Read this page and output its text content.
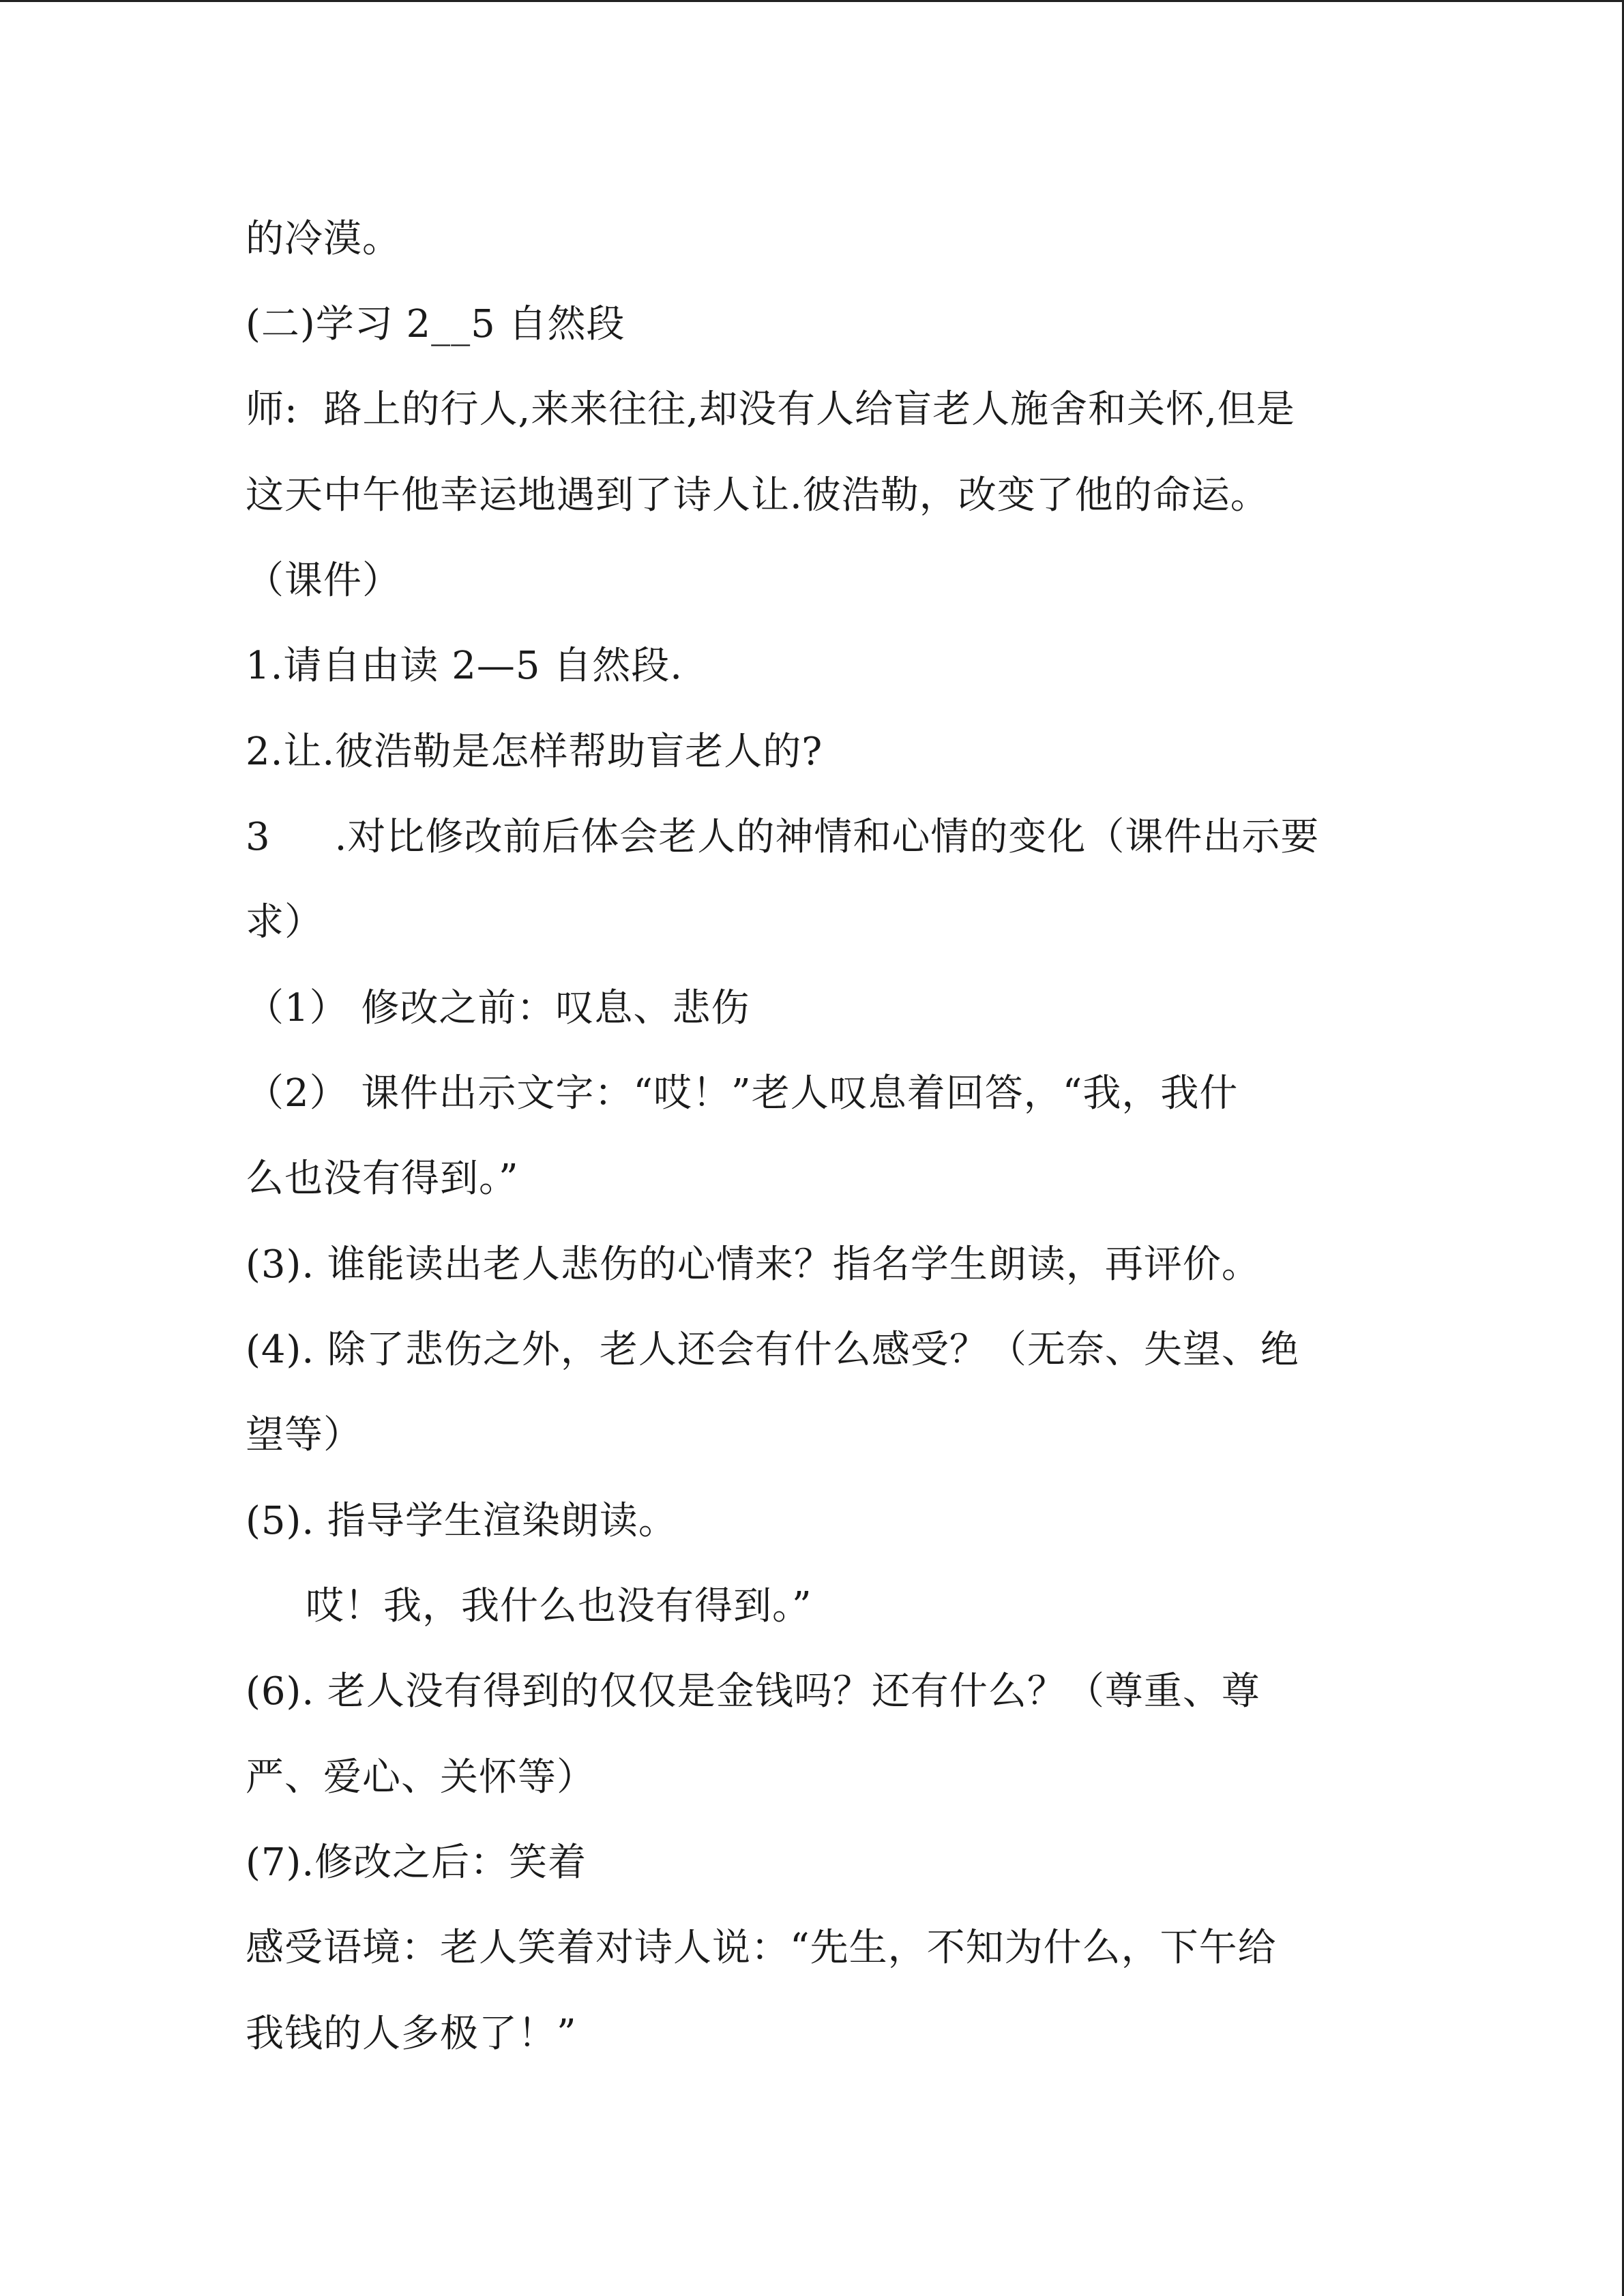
的冷漠。

(二)学习 2__5 自然段

师:  路上的行人,来来往往,却没有人给盲老人施舍和关怀,但是

这天中午他幸运地遇到了诗人让.彼浩勒，改变了他的命运。

（课件）

1.请自由读 2—5 自然段.

2.让.彼浩勒是怎样帮助盲老人的?

3     .对比修改前后体会老人的神情和心情的变化（课件出示要

求）

（1） 修改之前：叹息、悲伤

（2） 课件出示文字：“哎！”老人叹息着回答，“我，我什

么也没有得到。”

(3). 谁能读出老人悲伤的心情来？指名学生朗读，再评价。

(4). 除了悲伤之外，老人还会有什么感受？（无奈、失望、绝

望等）

(5). 指导学生渲染朗读。

哎！我，我什么也没有得到。”

(6). 老人没有得到的仅仅是金钱吗？还有什么？（尊重、尊

严、爱心、关怀等）

(7).修改之后：笑着

感受语境：老人笑着对诗人说：“先生，不知为什么，下午给

我钱的人多极了！”
